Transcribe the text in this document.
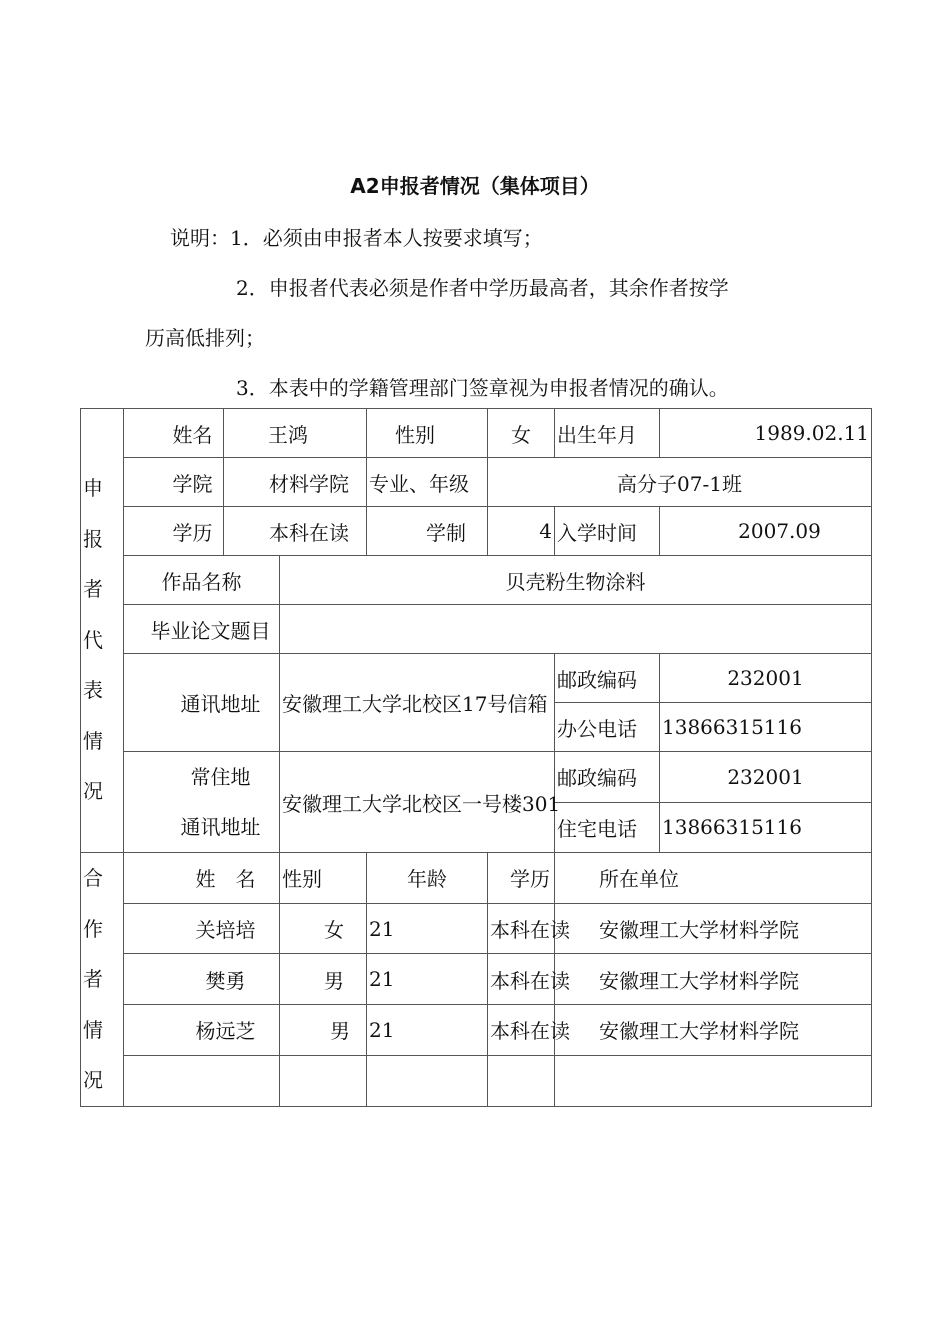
A2申报者情况（集体项目）
说明：1．必须由申报者本人按要求填写；
2．申报者代表必须是作者中学历最高者，其余作者按学
历高低排列；
3．本表中的学籍管理部门签章视为申报者情况的确认。
申报者代表情况	姓名	王鸿		性别	女	出生年月	1989.02.11
	学院	材料学院		专业、年级	高分子07-1班		
	学历	本科在读		学制	4	入学时间	2007.09
	作品名称		贝壳粉生物涂料				
	毕业论文题目						
	通讯地址		安徽理工大学北校区17号信箱			邮政编码	232001
						办公电话	13866315116

	常住地
通讯地址		安徽理工大学北校区一号楼301			邮政编码	232001
						住宅电话	13866315116

合作者情况	姓　名		性别	年龄	学历	所在单位	
	关培培		女	21	本科在读	安徽理工大学材料学院	
	樊勇		男	21	本科在读	安徽理工大学材料学院	
	杨远芝		男	21	本科在读	安徽理工大学材料学院	
